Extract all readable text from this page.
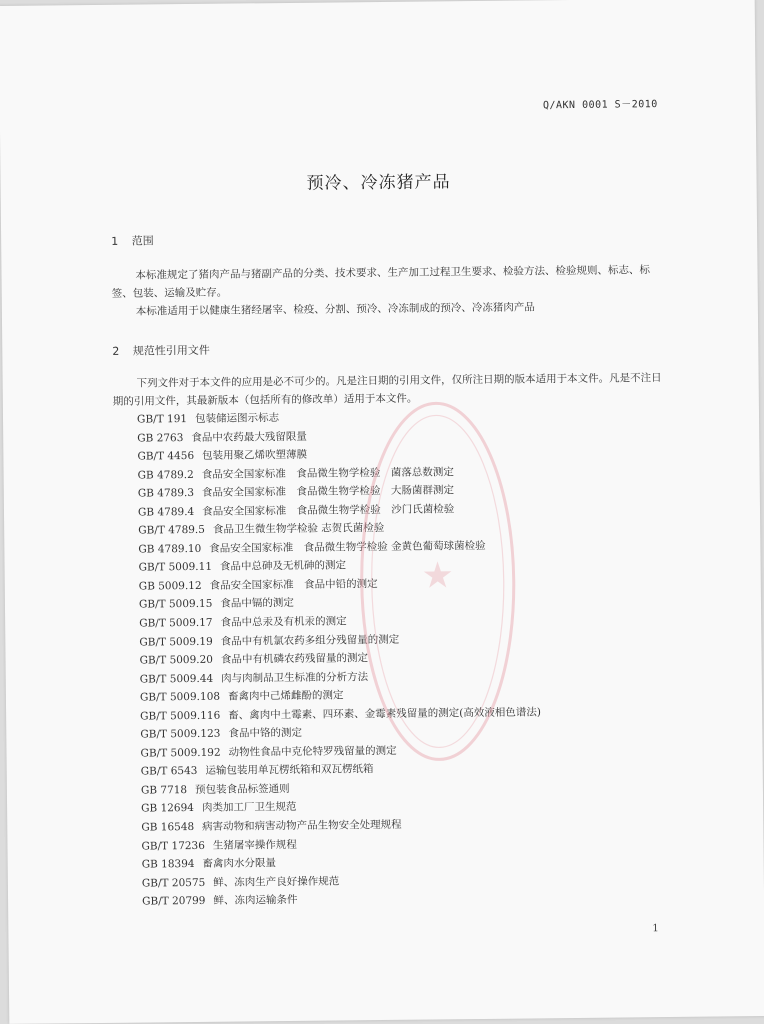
Q/AKN 0001 S－2010
预冷、冷冻猪产品
1 范围

本标准规定了猪肉产品与猪副产品的分类、技术要求、生产加工过程卫生要求、检验方法、检验规则、标志、标签、包装、运输及贮存。

本标准适用于以健康生猪经屠宰、检疫、分割、预冷、冷冻制成的预冷、冷冻猪肉产品

2 规范性引用文件

下列文件对于本文件的应用是必不可少的。凡是注日期的引用文件，仅所注日期的版本适用于本文件。凡是不注日期的引用文件，其最新版本（包括所有的修改单）适用于本文件。

GB/T 191 包装储运图示标志
GB 2763 食品中农药最大残留限量
GB/T 4456 包装用聚乙烯吹塑薄膜
GB 4789.2 食品安全国家标准　食品微生物学检验　菌落总数测定
GB 4789.3 食品安全国家标准　食品微生物学检验　大肠菌群测定
GB 4789.4 食品安全国家标准　食品微生物学检验　沙门氏菌检验
GB/T 4789.5 食品卫生微生物学检验 志贺氏菌检验
GB 4789.10 食品安全国家标准　食品微生物学检验 金黄色葡萄球菌检验
GB/T 5009.11 食品中总砷及无机砷的测定
GB 5009.12 食品安全国家标准　食品中铅的测定
GB/T 5009.15 食品中镉的测定
GB/T 5009.17 食品中总汞及有机汞的测定
GB/T 5009.19 食品中有机氯农药多组分残留量的测定
GB/T 5009.20 食品中有机磷农药残留量的测定
GB/T 5009.44 肉与肉制品卫生标准的分析方法
GB/T 5009.108 畜禽肉中己烯雌酚的测定
GB/T 5009.116 畜、禽肉中土霉素、四环素、金霉素残留量的测定(高效液相色谱法)
GB/T 5009.123 食品中铬的测定
GB/T 5009.192 动物性食品中克伦特罗残留量的测定
GB/T 6543 运输包装用单瓦楞纸箱和双瓦楞纸箱
GB 7718 预包装食品标签通则
GB 12694 肉类加工厂卫生规范
GB 16548 病害动物和病害动物产品生物安全处理规程
GB/T 17236 生猪屠宰操作规程
GB 18394 畜禽肉水分限量
GB/T 20575 鲜、冻肉生产良好操作规范
GB/T 20799 鲜、冻肉运输条件
★
1
